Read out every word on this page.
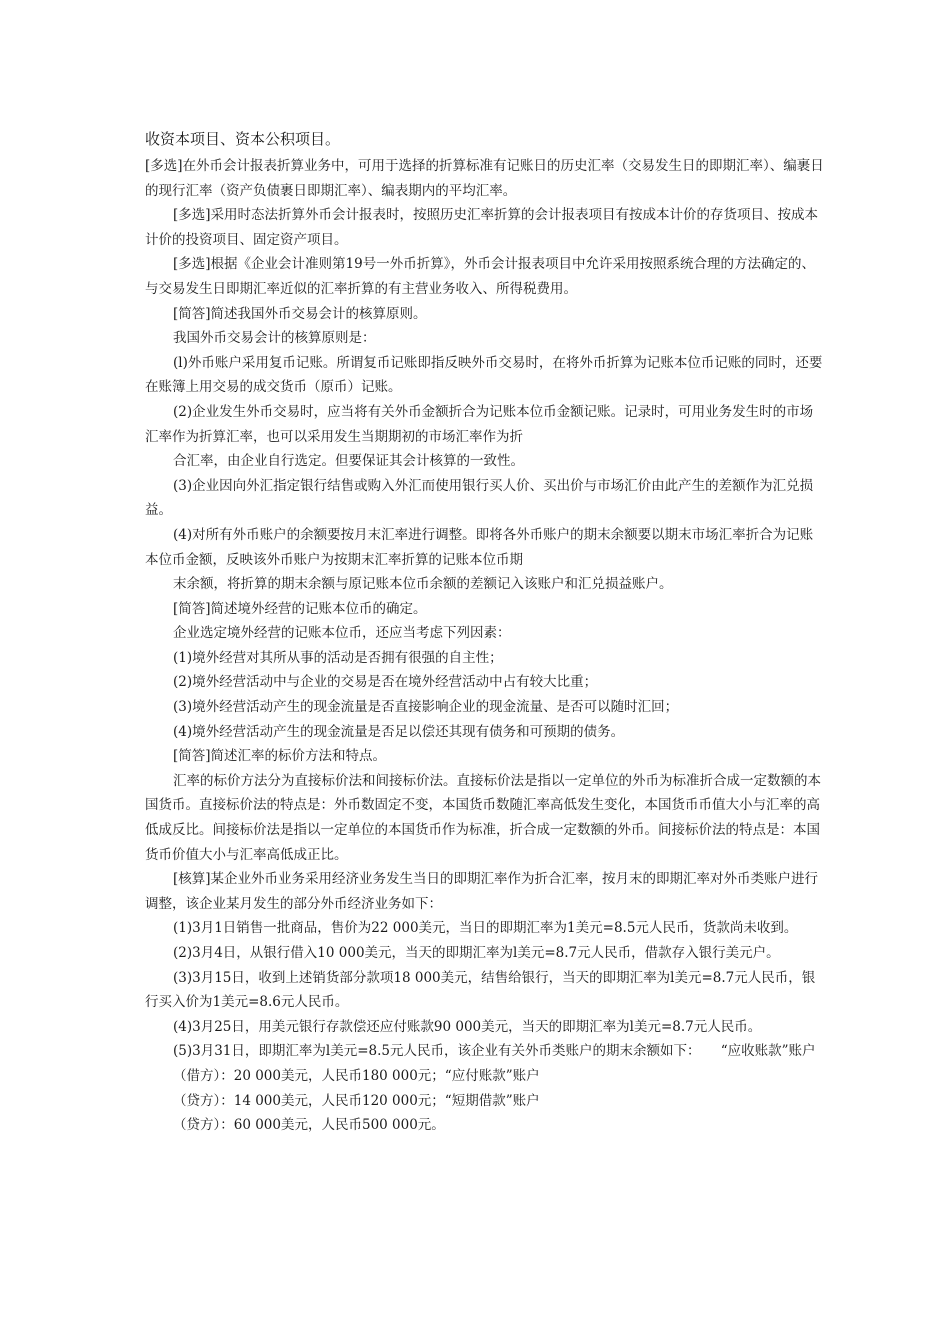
收资本项目、资本公积项目。

[多选]在外币会计报表折算业务中，可用于选择的折算标准有记账日的历史汇率（交易发生日的即期汇率）、编裹日的现行汇率（资产负债裹日即期汇率）、编表期内的平均汇率。

[多选]采用时态法折算外币会计报表时，按照历史汇率折算的会计报表项目有按成本计价的存货项目、按成本计价的投资项目、固定资产项目。

[多选]根据《企业会计准则第19号一外币折算》，外币会计报表项目中允许采用按照系统合理的方法确定的、与交易发生日即期汇率近似的汇率折算的有主营业务收入、所得税费用。

[简答]简述我国外币交易会计的核算原则。

我国外币交易会计的核算原则是：

(l)外币账户采用复币记账。所谓复币记账即指反映外币交易时，在将外币折算为记账本位币记账的同时，还要在账簿上用交易的成交货币（原币）记账。

(2)企业发生外币交易时，应当将有关外币金额折合为记账本位币金额记账。记录时，可用业务发生时的市场汇率作为折算汇率，也可以采用发生当期期初的市场汇率作为折

合汇率，由企业自行选定。但要保证其会计核算的一致性。

(3)企业因向外汇指定银行结售或购入外汇而使用银行买人价、买出价与市场汇价由此产生的差额作为汇兑损益。

(4)对所有外币账户的余额要按月末汇率进行调整。即将各外币账户的期末余额要以期末市场汇率折合为记账本位币金额，反映该外币账户为按期末汇率折算的记账本位币期

末余额，将折算的期末余额与原记账本位币余额的差额记入该账户和汇兑损益账户。

[简答]简述境外经营的记账本位币的确定。

企业选定境外经营的记账本位币，还应当考虑下列因素：

(1)境外经营对其所从事的活动是否拥有很强的自主性；

(2)境外经营活动中与企业的交易是否在境外经营活动中占有较大比重；

(3)境外经营活动产生的现金流量是否直接影响企业的现金流量、是否可以随时汇回；

(4)境外经营活动产生的现金流量是否足以偿还其现有债务和可预期的债务。

[简答]简述汇率的标价方法和特点。

汇率的标价方法分为直接标价法和间接标价法。直接标价法是指以一定单位的外币为标准折合成一定数额的本国货币。直接标价法的特点是：外币数固定不变，本国货币数随汇率高低发生变化，本国货币币值大小与汇率的高低成反比。间接标价法是指以一定单位的本国货币作为标准，折合成一定数额的外币。间接标价法的特点是：本国货币价值大小与汇率高低成正比。

[核算]某企业外币业务采用经济业务发生当日的即期汇率作为折合汇率，按月末的即期汇率对外币类账户进行调整，该企业某月发生的部分外币经济业务如下：

(1)3月1日销售一批商品，售价为22 000美元，当日的即期汇率为1美元=8.5元人民币，货款尚未收到。

(2)3月4日，从银行借入10 000美元，当天的即期汇率为l美元=8.7元人民币，借款存入银行美元户。

(3)3月15日，收到上述销货部分款项18 000美元，结售给银行，当天的即期汇率为l美元=8.7元人民币，银行买入价为1美元=8.6元人民币。

(4)3月25日，用美元银行存款偿还应付账款90 000美元，当天的即期汇率为l美元=8.7元人民币。

(5)3月31日，即期汇率为l美元=8.5元人民币，该企业有关外币类账户的期末余额如下：　　“应收账款”账户

（借方）：20 000美元，人民币180 000元；“应付账款”账户

（贷方）：14 000美元，人民币120 000元；“短期借款”账户

（贷方）：60 000美元，人民币500 000元。
